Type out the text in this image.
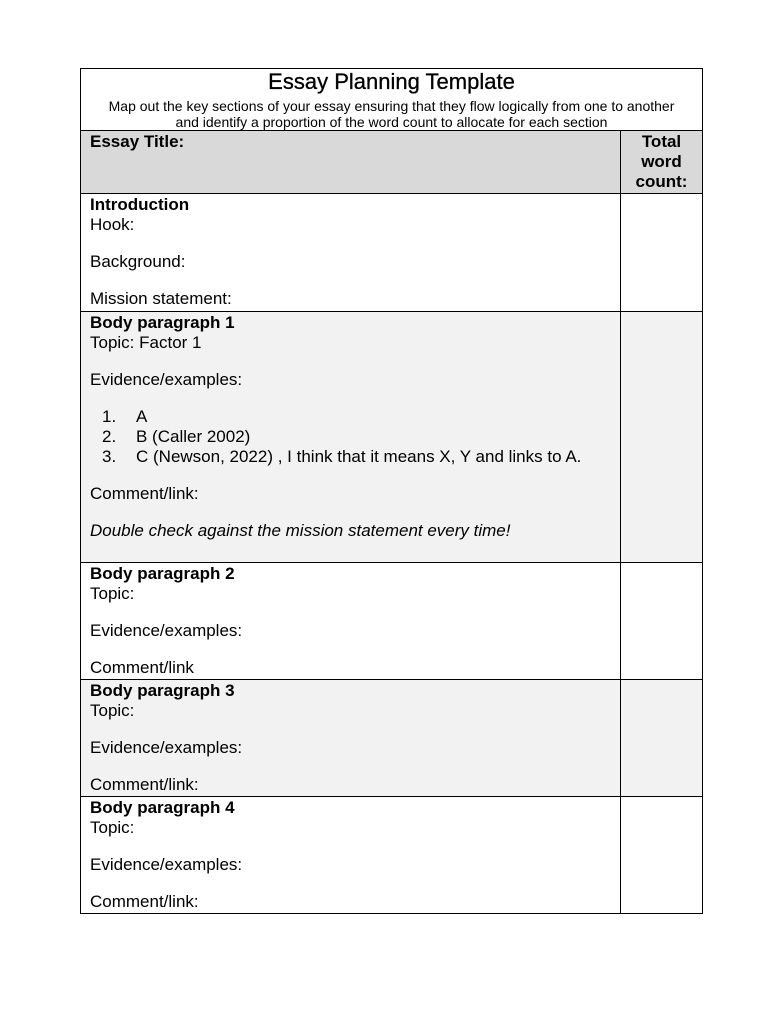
Essay Planning Template
Map out the key sections of your essay ensuring that they flow logically from one to another and identify a proportion of the word count to allocate for each section
Essay Title:	Total word count:
Introduction
Hook:
Background:
Mission statement:
Body paragraph 1
Topic: Factor 1
Evidence/examples:
1. A
2. B (Caller 2002)
3. C (Newson, 2022) , I think that it means X, Y and links to A.
Comment/link:
Double check against the mission statement every time!
Body paragraph 2
Topic:
Evidence/examples:
Comment/link
Body paragraph 3
Topic:
Evidence/examples:
Comment/link:
Body paragraph 4
Topic:
Evidence/examples:
Comment/link:
